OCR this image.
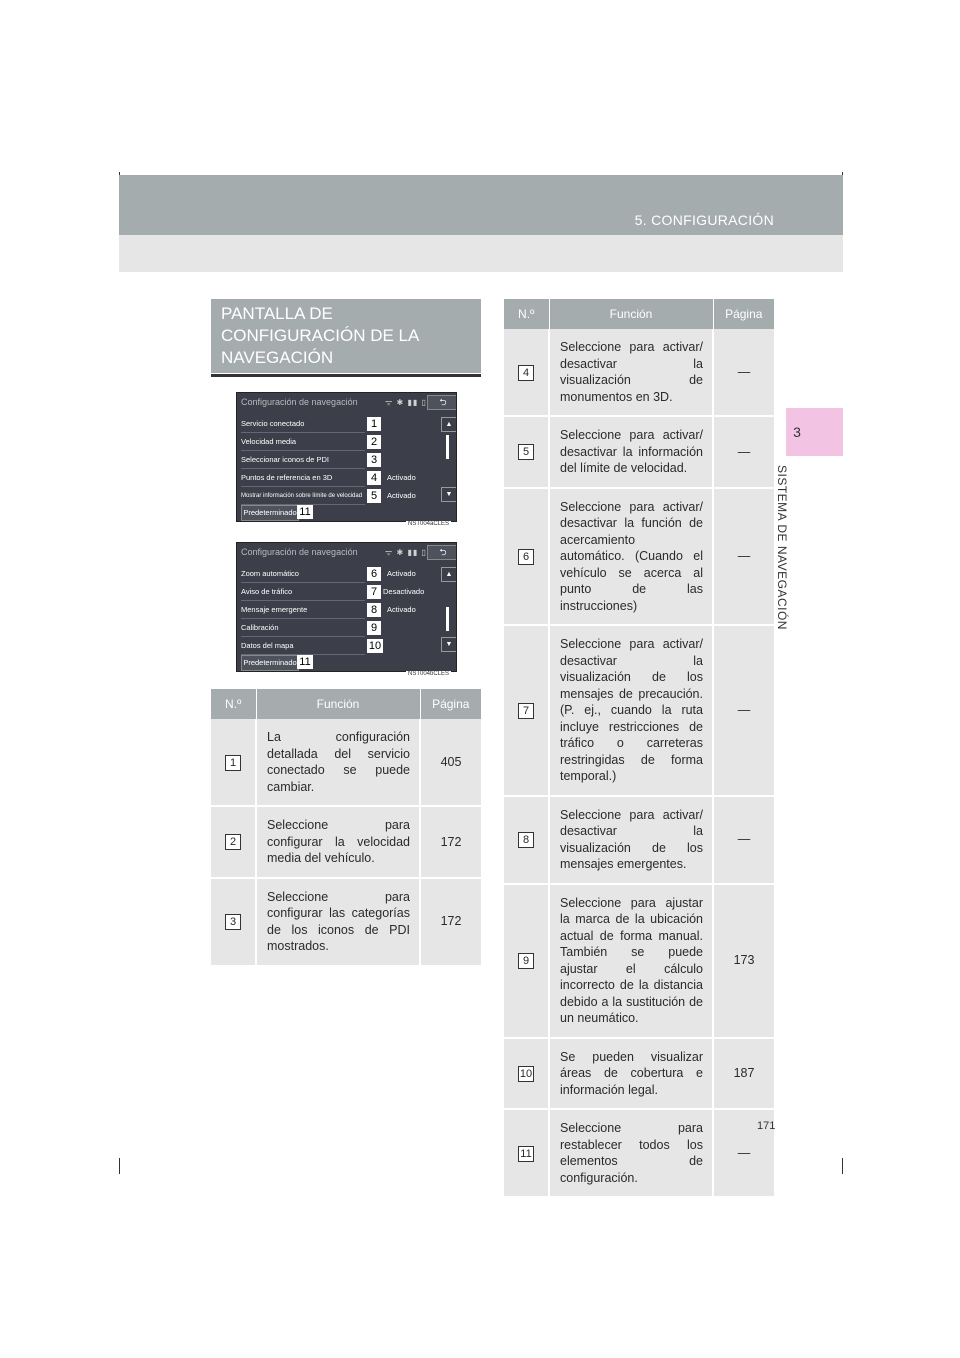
5. CONFIGURACIÓN
3
SISTEMA DE NAVEGACIÓN
PANTALLA DE
CONFIGURACIÓN DE LA
NAVEGACIÓN
Configuración de navegación	ᯤ ✱ ▮▮ ▯	⮌
Servicio conectado	1
Velocidad media	2
Seleccionar iconos de PDI	3
Puntos de referencia en 3D	4	Activado
Mostrar información sobre límite de velocidad 5	Activado
▲
▼
Predeterminado 11
NST004aCLES
Configuración de navegación	ᯤ ✱ ▮▮ ▯	⮌
Zoom automático	6	Activado
Aviso de tráfico	7 Desactivado
Mensaje emergente	8	Activado
Calibración	9
Datos del mapa	10
▲
▼
Predeterminado 11
NST004bCLES
N.º	Función	Página
1	La configuración detallada del servicio conectado se puede cambiar.	405
2	Seleccione para configurar la velocidad media del vehículo.	172
3	Seleccione para configurar las categorías de los iconos de PDI mostrados.	172
N.º	Función	Página
4	Seleccione para activar/ desactivar la visualización de monumentos en 3D.	—
5	Seleccione para activar/ desactivar la información del límite de velocidad.	—
6	Seleccione para activar/ desactivar la función de acercamiento automático. (Cuando el vehículo se acerca al punto de las instrucciones)	—
7	Seleccione para activar/ desactivar la visualización de los mensajes de precaución. (P. ej., cuando la ruta incluye restricciones de tráfico o carreteras restringidas de forma temporal.)	—
8	Seleccione para activar/ desactivar la visualización de los mensajes emergentes.	—
9	Seleccione para ajustar la marca de la ubicación actual de forma manual. También se puede ajustar el cálculo incorrecto de la distancia debido a la sustitución de un neumático.	173
10	Se pueden visualizar áreas de cobertura e información legal.	187
11	Seleccione para restablecer todos los elementos de configuración.	—
171
